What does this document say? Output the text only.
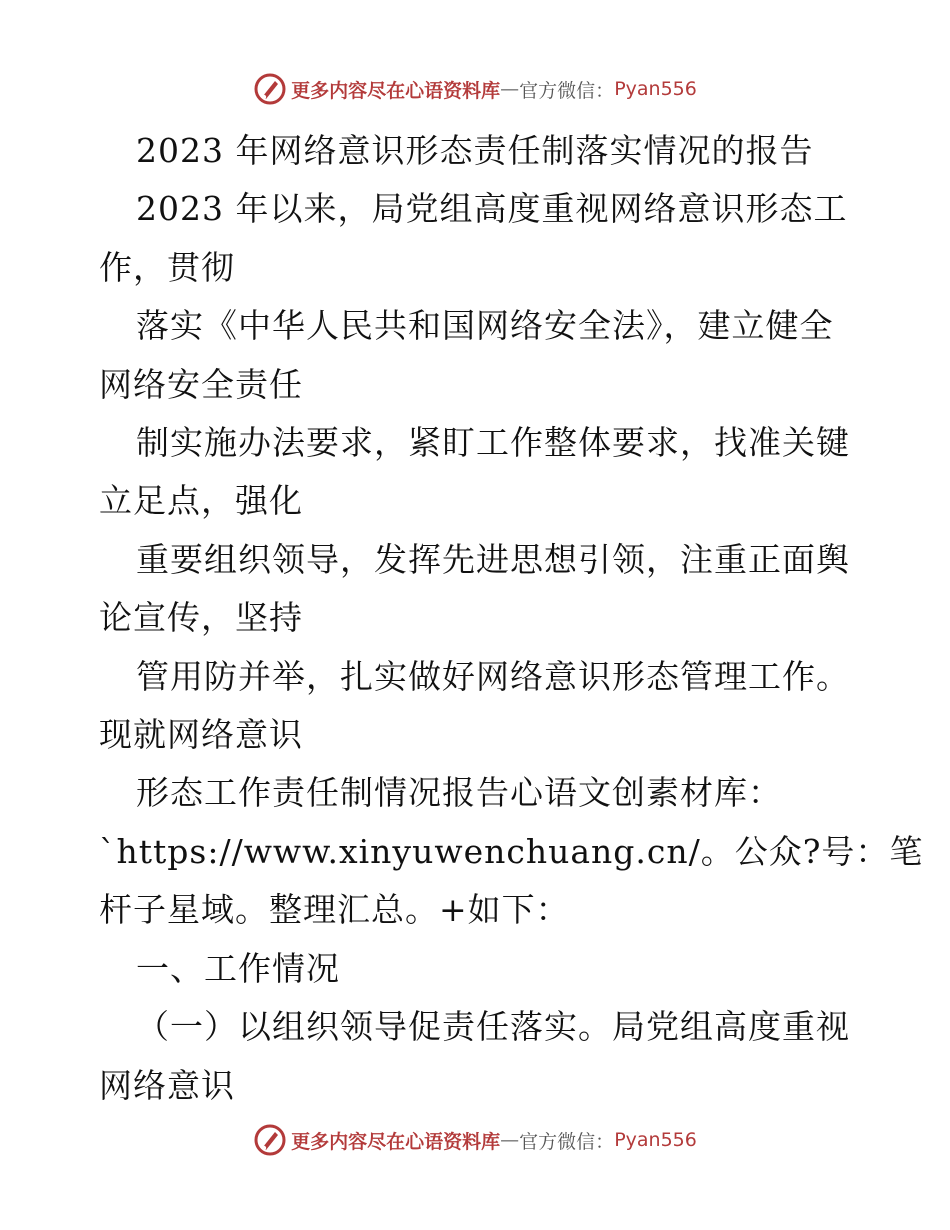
更多内容尽在心语资料库 — 官方微信： Pyan556

2023 年网络意识形态责任制落实情况的报告

2023 年以来，局党组高度重视网络意识形态工

作，贯彻

落实《中华人民共和国网络安全法》，建立健全

网络安全责任

制实施办法要求，紧盯工作整体要求，找准关键

立足点，强化

重要组织领导，发挥先进思想引领，注重正面舆

论宣传，坚持

管用防并举，扎实做好网络意识形态管理工作。

现就网络意识

形态工作责任制情况报告心语文创素材库：

`https://www.xinyuwenchuang.cn/。公众?号：笔

杆子星域。整理汇总。+如下：

一、工作情况

（一）以组织领导促责任落实。局党组高度重视

网络意识

更多内容尽在心语资料库 — 官方微信： Pyan556
